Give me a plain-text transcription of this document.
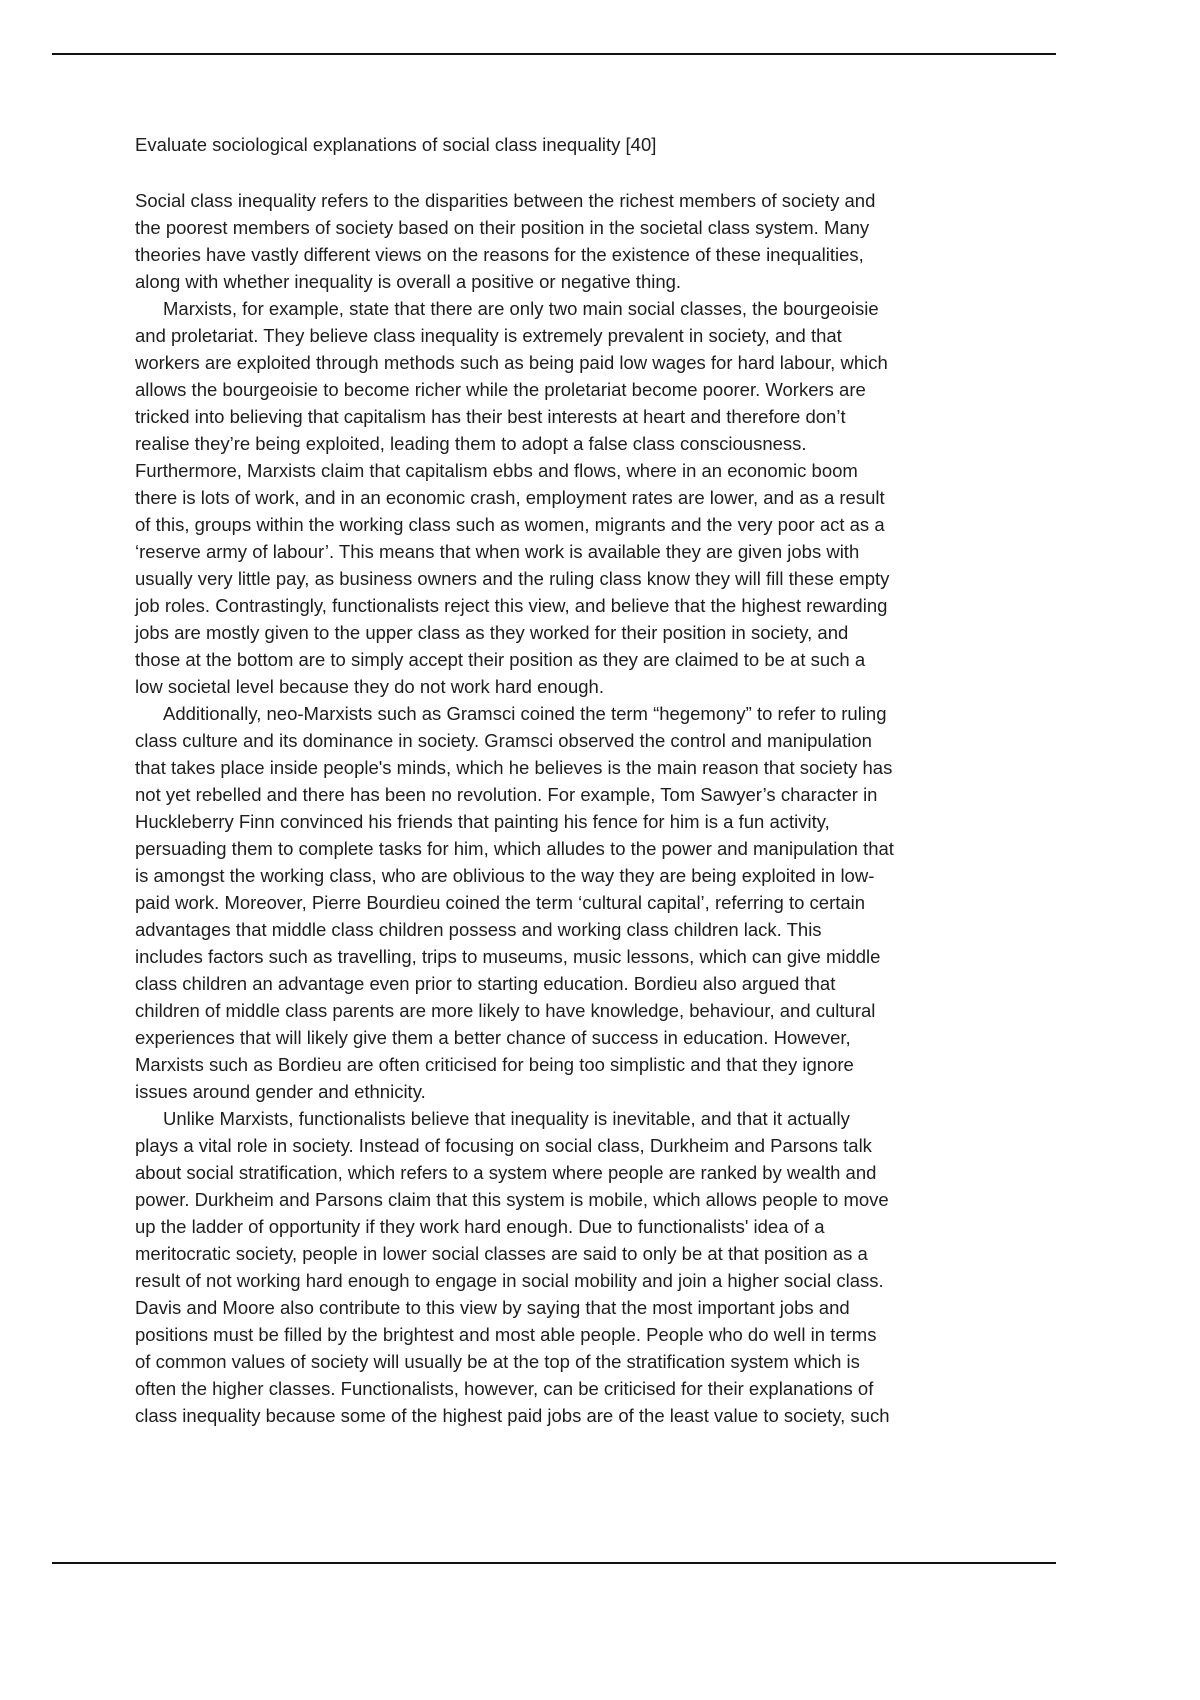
Evaluate sociological explanations of social class inequality [40]
Social class inequality refers to the disparities between the richest members of society and
the poorest members of society based on their position in the societal class system. Many
theories have vastly different views on the reasons for the existence of these inequalities,
along with whether inequality is overall a positive or negative thing.
Marxists, for example, state that there are only two main social classes, the bourgeoisie
and proletariat. They believe class inequality is extremely prevalent in society, and that
workers are exploited through methods such as being paid low wages for hard labour, which
allows the bourgeoisie to become richer while the proletariat become poorer. Workers are
tricked into believing that capitalism has their best interests at heart and therefore don’t
realise they’re being exploited, leading them to adopt a false class consciousness.
Furthermore, Marxists claim that capitalism ebbs and flows, where in an economic boom
there is lots of work, and in an economic crash, employment rates are lower, and as a result
of this, groups within the working class such as women, migrants and the very poor act as a
‘reserve army of labour’. This means that when work is available they are given jobs with
usually very little pay, as business owners and the ruling class know they will fill these empty
job roles. Contrastingly, functionalists reject this view, and believe that the highest rewarding
jobs are mostly given to the upper class as they worked for their position in society, and
those at the bottom are to simply accept their position as they are claimed to be at such a
low societal level because they do not work hard enough.
Additionally, neo-Marxists such as Gramsci coined the term “hegemony” to refer to ruling
class culture and its dominance in society. Gramsci observed the control and manipulation
that takes place inside people's minds, which he believes is the main reason that society has
not yet rebelled and there has been no revolution. For example, Tom Sawyer’s character in
Huckleberry Finn convinced his friends that painting his fence for him is a fun activity,
persuading them to complete tasks for him, which alludes to the power and manipulation that
is amongst the working class, who are oblivious to the way they are being exploited in low-
paid work. Moreover, Pierre Bourdieu coined the term ‘cultural capital’, referring to certain
advantages that middle class children possess and working class children lack. This
includes factors such as travelling, trips to museums, music lessons, which can give middle
class children an advantage even prior to starting education. Bordieu also argued that
children of middle class parents are more likely to have knowledge, behaviour, and cultural
experiences that will likely give them a better chance of success in education. However,
Marxists such as Bordieu are often criticised for being too simplistic and that they ignore
issues around gender and ethnicity.
Unlike Marxists, functionalists believe that inequality is inevitable, and that it actually
plays a vital role in society. Instead of focusing on social class, Durkheim and Parsons talk
about social stratification, which refers to a system where people are ranked by wealth and
power. Durkheim and Parsons claim that this system is mobile, which allows people to move
up the ladder of opportunity if they work hard enough. Due to functionalists' idea of a
meritocratic society, people in lower social classes are said to only be at that position as a
result of not working hard enough to engage in social mobility and join a higher social class.
Davis and Moore also contribute to this view by saying that the most important jobs and
positions must be filled by the brightest and most able people. People who do well in terms
of common values of society will usually be at the top of the stratification system which is
often the higher classes. Functionalists, however, can be criticised for their explanations of
class inequality because some of the highest paid jobs are of the least value to society, such
